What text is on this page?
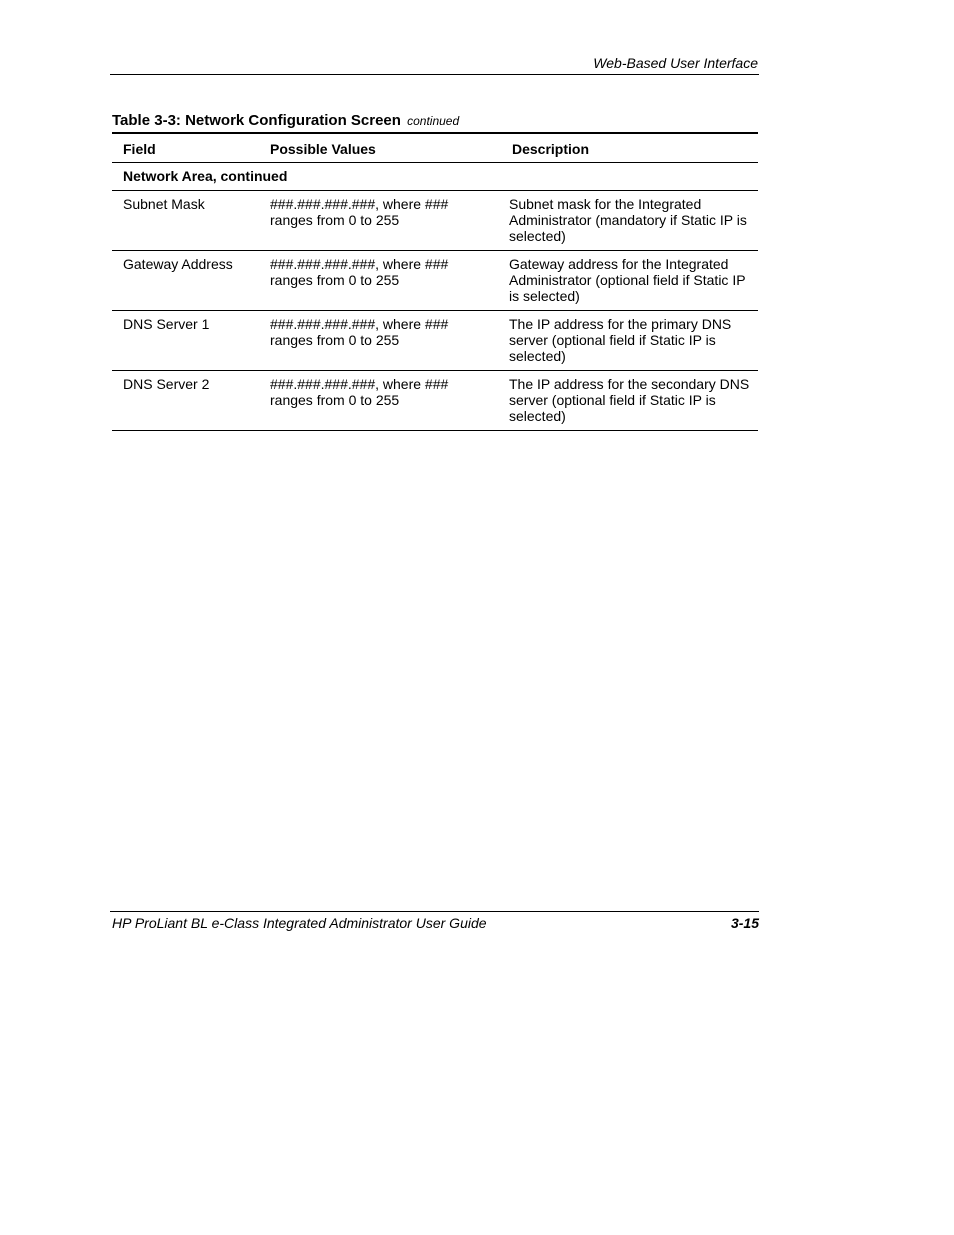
Web-Based User Interface
Table 3-3: Network Configuration Screen continued
Field	Possible Values	Description
Network Area, continued		
Subnet Mask	###.###.###.###, where ### ranges from 0 to 255	Subnet mask for the Integrated Administrator (mandatory if Static IP is selected)
Gateway Address	###.###.###.###, where ### ranges from 0 to 255	Gateway address for the Integrated Administrator (optional field if Static IP is selected)
DNS Server 1	###.###.###.###, where ### ranges from 0 to 255	The IP address for the primary DNS server (optional field if Static IP is selected)
DNS Server 2	###.###.###.###, where ### ranges from 0 to 255	The IP address for the secondary DNS server (optional field if Static IP is selected)
HP ProLiant BL e-Class Integrated Administrator User Guide	3-15
